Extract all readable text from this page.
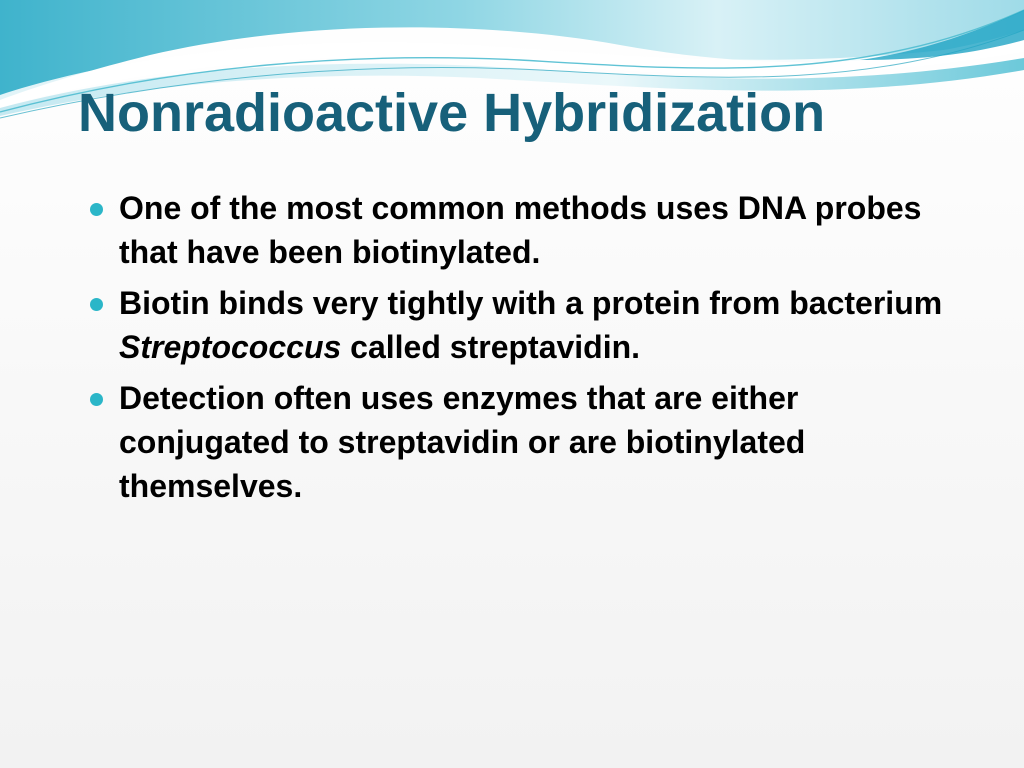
Nonradioactive Hybridization
One of the most common methods uses DNA probes that have been biotinylated.
Biotin binds very tightly with a protein from bacterium  Streptococcus called streptavidin.
Detection often uses enzymes that are either conjugated to streptavidin or are biotinylated themselves.
